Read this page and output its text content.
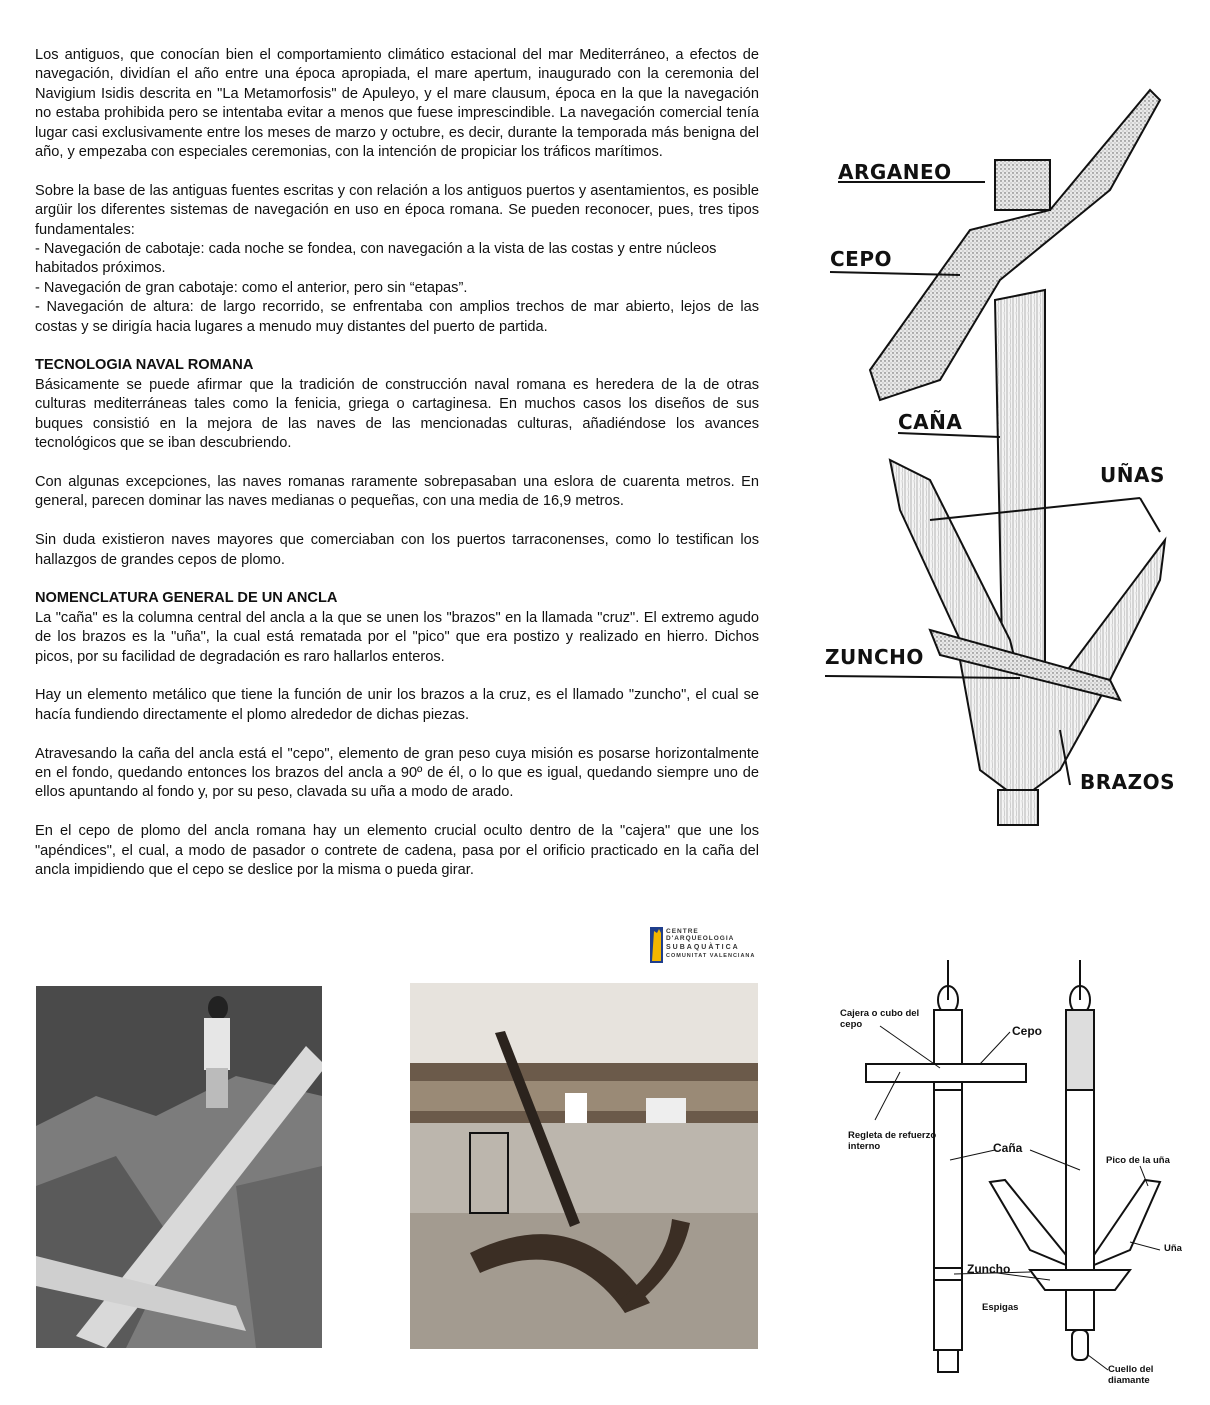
Los antiguos, que conocían bien el comportamiento climático estacional del mar Mediterráneo, a efectos de navegación, dividían el año entre una época apropiada, el mare apertum, inaugurado con la ceremonia del Navigium Isidis descrita en "La Metamorfosis" de Apuleyo, y el mare clausum, época en la que la navegación no estaba prohibida pero se intentaba evitar a menos que fuese imprescindible. La navegación comercial tenía lugar casi exclusivamente entre los meses de marzo y octubre, es decir, durante la temporada más benigna del año, y empezaba con especiales ceremonias, con la intención de propiciar los tráficos marítimos.

Sobre la base de las antiguas fuentes escritas y con relación a los antiguos puertos y asentamientos, es posible argüir los diferentes sistemas de navegación en uso en época romana. Se pueden reconocer, pues, tres tipos fundamentales:
- Navegación de cabotaje: cada noche se fondea, con navegación a la vista de las costas y entre núcleos habitados próximos.
- Navegación de gran cabotaje: como el anterior, pero sin “etapas”.
- Navegación de altura: de largo recorrido, se enfrentaba con amplios trechos de mar abierto, lejos de las costas y se dirigía hacia lugares a menudo muy distantes del puerto de partida.
TECNOLOGIA NAVAL ROMANA

Básicamente se puede afirmar que la tradición de construcción naval romana es heredera de la de otras culturas mediterráneas tales como la fenicia, griega o cartaginesa. En muchos casos los diseños de sus buques consistió en la mejora de las naves de las mencionadas culturas, añadiéndose los avances tecnológicos que se iban descubriendo.

Con algunas excepciones, las naves romanas raramente sobrepasaban una eslora de cuarenta metros. En general, parecen dominar las naves medianas o pequeñas, con una media de 16,9 metros.

Sin duda existieron naves mayores que comerciaban con los puertos tarraconenses, como lo testifican los hallazgos de grandes cepos de plomo.

NOMENCLATURA GENERAL DE UN ANCLA

La "caña" es la columna central del ancla a la que se unen los "brazos" en la llamada "cruz". El extremo agudo de los brazos es la "uña", la cual está rematada por el "pico" que era postizo y realizado en hierro. Dichos picos, por su facilidad de degradación es raro hallarlos enteros.

Hay un elemento metálico que tiene la función de unir los brazos a la cruz, es el llamado "zuncho", el cual se hacía fundiendo directamente el plomo alrededor de dichas piezas.

Atravesando la caña del ancla está el "cepo", elemento de gran peso cuya misión es posarse horizontalmente en el fondo, quedando entonces los brazos del ancla a 90º de él, o lo que es igual, quedando siempre uno de ellos apuntando al fondo y, por su peso, clavada su uña a modo de arado.

En el cepo de plomo del ancla romana hay un elemento crucial oculto dentro de la "cajera" que une los "apéndices", el cual, a modo de pasador o contrete de cadena, pasa por el orificio practicado en la caña del ancla impidiendo que el cepo se deslice por la misma o pueda girar.

CENTRE D'ARQUEOLOGIA
SUBAQUÀTICA
COMUNITAT VALENCIANA
ARGANEO
CEPO
CAÑA
UÑAS
ZUNCHO
BRAZOS
Cajera o cubo del cepo	Cepo
Regleta de refuerzo interno	Caña
Pico de la uña
Uña
Zuncho
Espigas
Cuello del diamante
